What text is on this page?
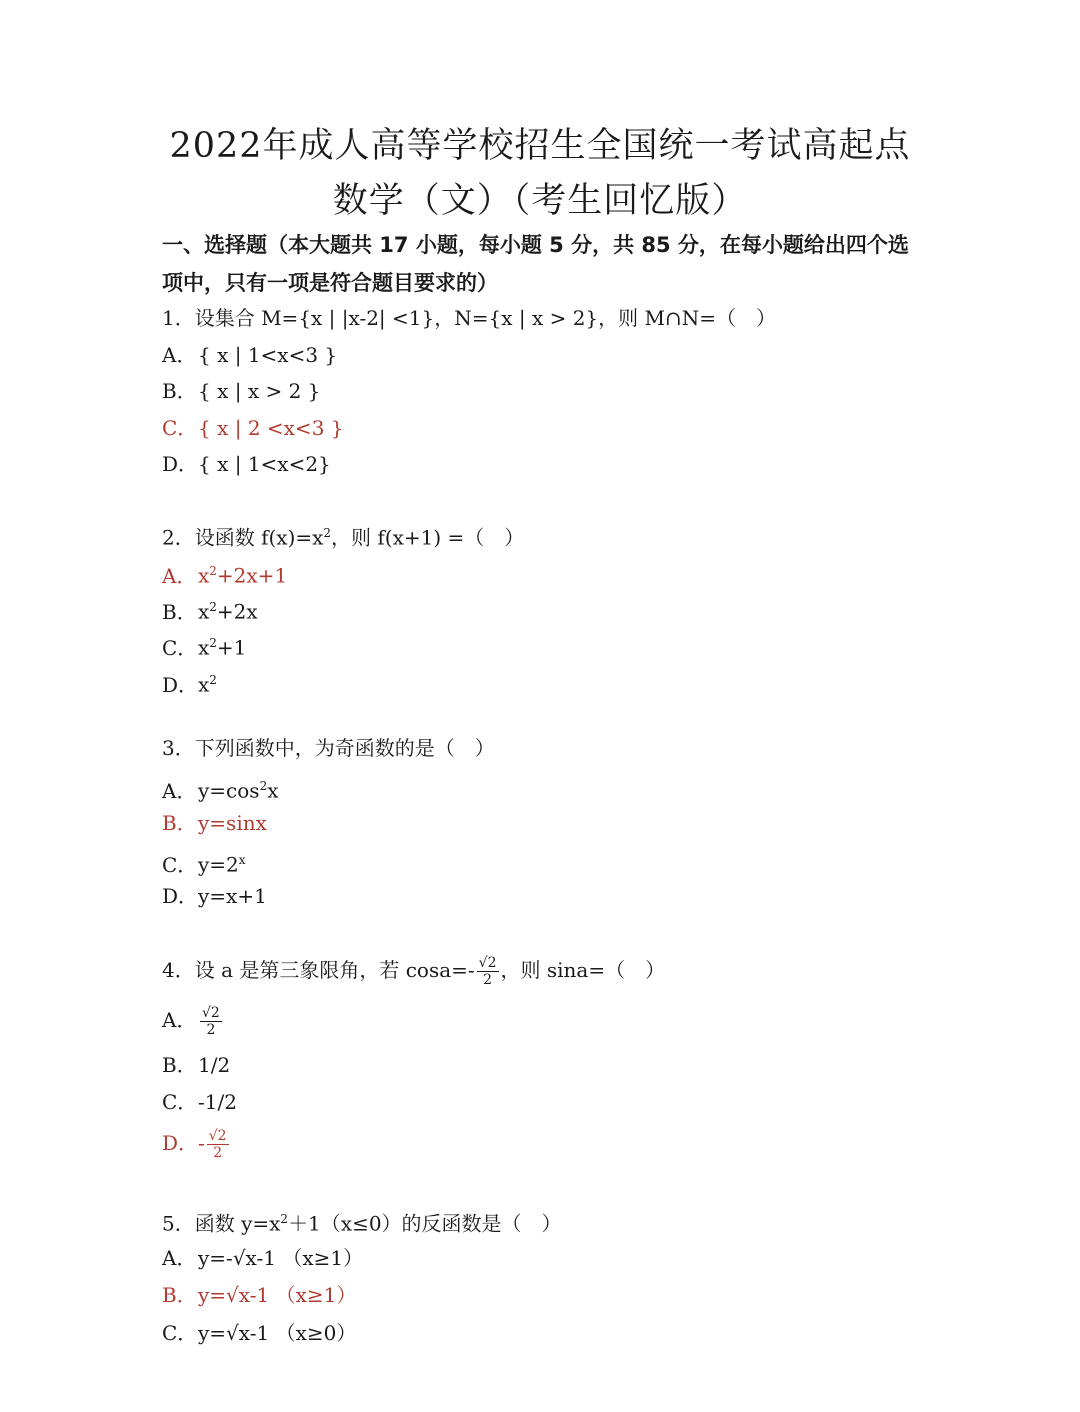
2022年成人高等学校招生全国统一考试高起点
数学（文）（考生回忆版）
一、选择题（本大题共 17 小题，每小题 5 分，共 85 分，在每小题给出四个选项中，只有一项是符合题目要求的）
1．设集合 M={x | |x-2| <1}，N={x | x > 2}，则 M∩N=（　）
A．{ x | 1<x<3 }
B．{ x | x > 2 }
C．{ x | 2 <x<3 }
D．{ x | 1<x<2}
2．设函数 $f(x)=x^2$，则 f(x+1) =（　）
A．$x^2+2x+1$
B．$x^2+2x$
C．$x^2+1$
D．$x^2$
3．下列函数中，为奇函数的是（　）
A．$y=\cos^2x$
B．y=sinx
C．$y=2^x$
D．y=x+1
4．设 a 是第三象限角，若 $\cos a=- \frac{√2}{2}$ ，则 sina=（　）
A． $\frac{√2}{2}$
B．1/2
C．-1/2
D．- $\frac{√2}{2}$
5．函数 $y=x^2+1(x\le 0)$的反函数是（　）
A．y=-√x-1 （x≥1）
B．y=√x-1 （x≥1）
C．y=√x-1 （x≥0）
